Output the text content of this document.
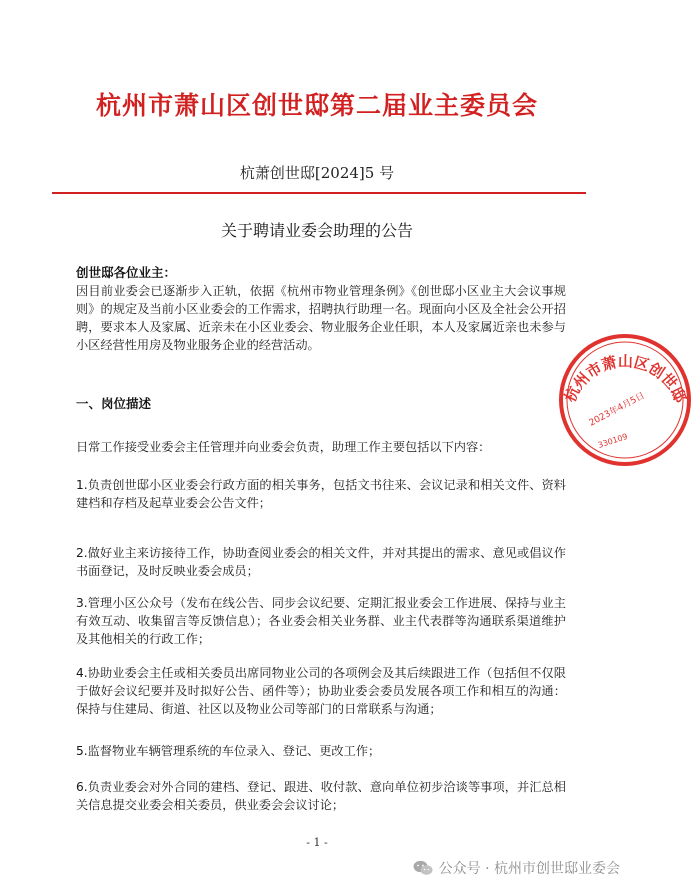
杭州市萧山区创世邸第二届业主委员会
杭萧创世邸[2024]5 号
关于聘请业委会助理的公告
创世邸各位业主：

因目前业委会已逐渐步入正轨，依据《杭州市物业管理条例》《创世邸小区业主大会议事规则》的规定及当前小区业委会的工作需求，招聘执行助理一名。现面向小区及全社会公开招聘，要求本人及家属、近亲未在小区业委会、物业服务企业任职，本人及家属近亲也未参与小区经营性用房及物业服务企业的经营活动。

一、岗位描述

日常工作接受业委会主任管理并向业委会负责，助理工作主要包括以下内容：

1.负责创世邸小区业委会行政方面的相关事务，包括文书往来、会议记录和相关文件、资料建档和存档及起草业委会公告文件；

2.做好业主来访接待工作，协助查阅业委会的相关文件，并对其提出的需求、意见或倡议作书面登记，及时反映业委会成员；

3.管理小区公众号（发布在线公告、同步会议纪要、定期汇报业委会工作进展、保持与业主有效互动、收集留言等反馈信息）；各业委会相关业务群、业主代表群等沟通联系渠道维护及其他相关的行政工作；

4.协助业委会主任或相关委员出席同物业公司的各项例会及其后续跟进工作（包括但不仅限于做好会议纪要并及时拟好公告、函件等）；协助业委会委员发展各项工作和相互的沟通：保持与住建局、街道、社区以及物业公司等部门的日常联系与沟通；

5.监督物业车辆管理系统的车位录入、登记、更改工作；

6.负责业委会对外合同的建档、登记、跟进、收付款、意向单位初步洽谈等事项，并汇总相关信息提交业委会相关委员，供业委会会议讨论；

- 1 -
杭州市萧山区创世邸
2023年4月5日
330109
公众号 · 杭州市创世邸业委会
